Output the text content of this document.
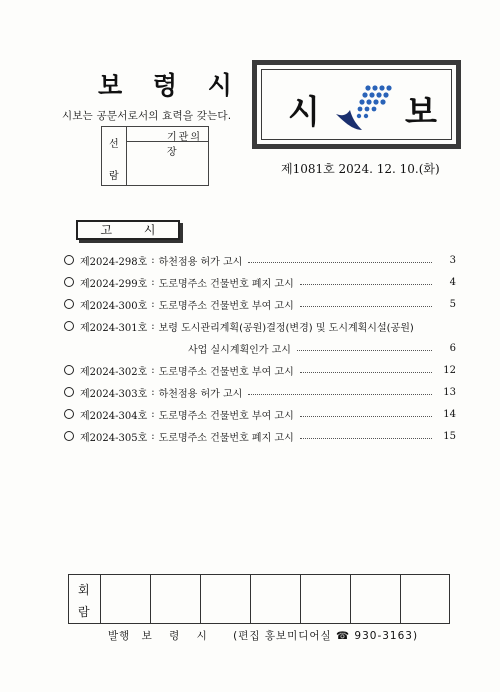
보 령 시
시보는 공문서로서의 효력을 갖는다.
선
람
기관의 장
시	보
제1081호 2024. 12. 10.(화)
고 시
제2024-298호 : 하천점용 허가 고시	3
제2024-299호 : 도로명주소 건물번호 폐지 고시	4
제2024-300호 : 도로명주소 건물번호 부여 고시	5
제2024-301호 : 보령 도시관리계획(공원)결정(변경) 및 도시계획시설(공원)
사업 실시계획인가 고시	6
제2024-302호 : 도로명주소 건물번호 부여 고시	12
제2024-303호 : 하천점용 허가 고시	13
제2024-304호 : 도로명주소 건물번호 부여 고시	14
제2024-305호 : 도로명주소 건물번호 폐지 고시	15
회
람
발행 보 령 시 (편집 홍보미디어실 ☎ 930-3163)
